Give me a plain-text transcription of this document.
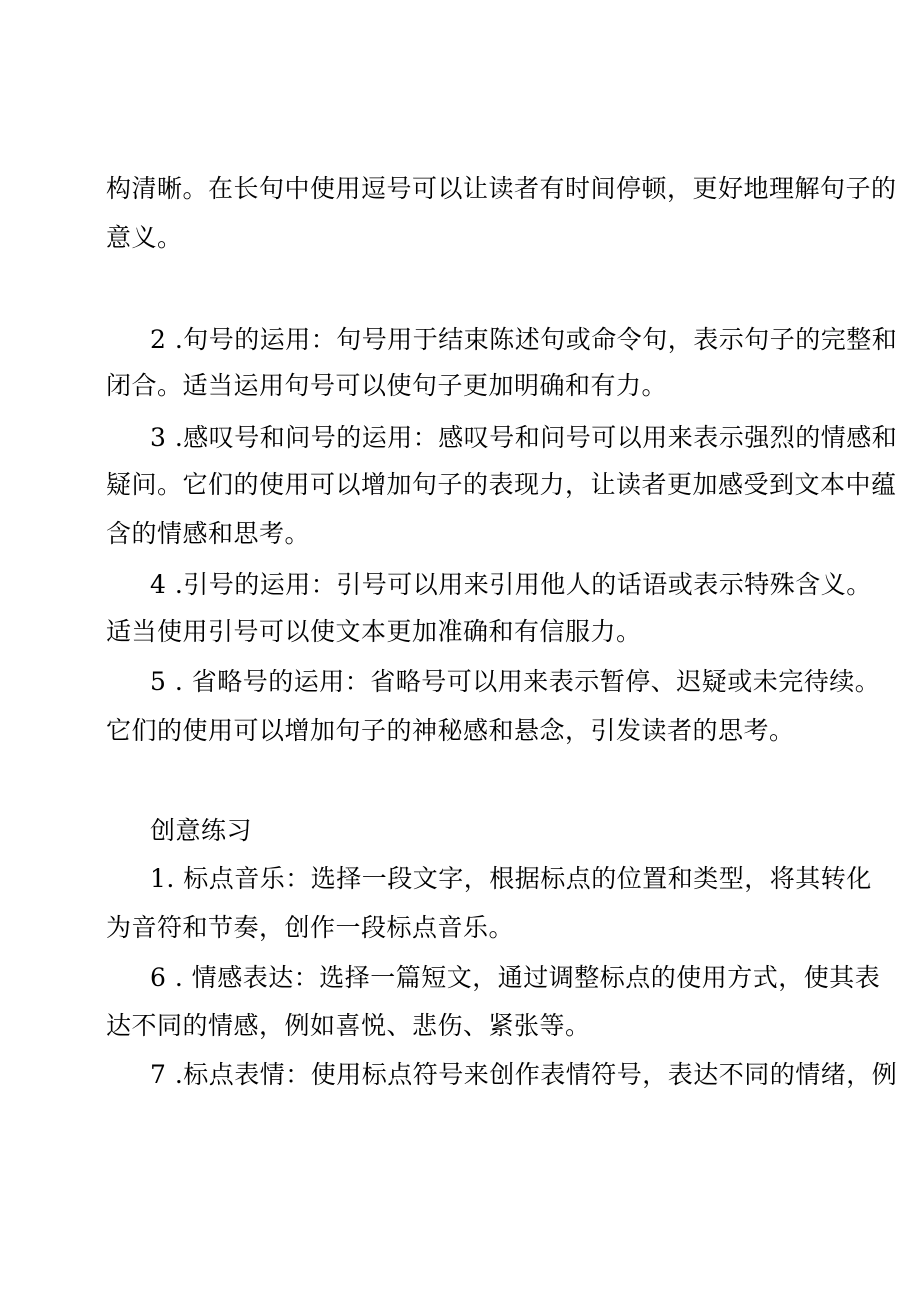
构清晰。在长句中使用逗号可以让读者有时间停顿，更好地理解句子的
意义。
2 .句号的运用：句号用于结束陈述句或命令句，表示句子的完整和
闭合。适当运用句号可以使句子更加明确和有力。
3 .感叹号和问号的运用：感叹号和问号可以用来表示强烈的情感和
疑问。它们的使用可以增加句子的表现力，让读者更加感受到文本中蕴
含的情感和思考。
4 .引号的运用：引号可以用来引用他人的话语或表示特殊含义。
适当使用引号可以使文本更加准确和有信服力。
5 . 省略号的运用：省略号可以用来表示暂停、迟疑或未完待续。
它们的使用可以增加句子的神秘感和悬念，引发读者的思考。
创意练习
1. 标点音乐：选择一段文字，根据标点的位置和类型，将其转化
为音符和节奏，创作一段标点音乐。
6 . 情感表达：选择一篇短文，通过调整标点的使用方式，使其表
达不同的情感，例如喜悦、悲伤、紧张等。
7 .标点表情：使用标点符号来创作表情符号，表达不同的情绪，例
